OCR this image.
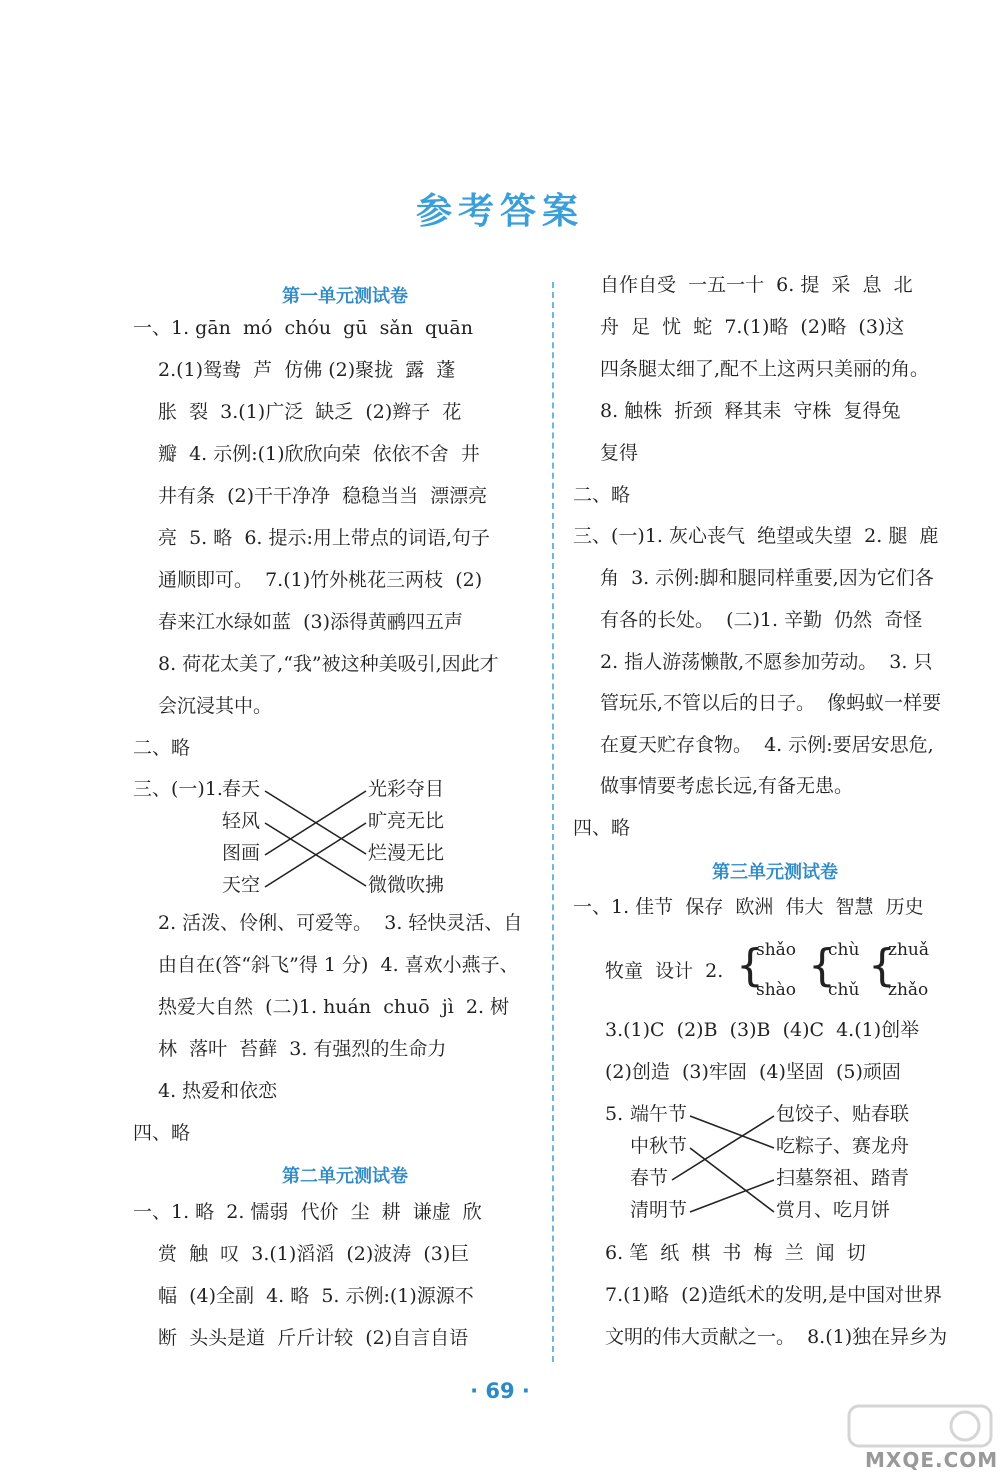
参考答案
第一单元测试卷
一、1. gān  mó  chóu  gū  sǎn  quān
2.(1)鸳鸯  芦  仿佛 (2)聚拢  露  蓬
胀  裂  3.(1)广泛  缺乏  (2)辫子  花
瓣  4. 示例:(1)欣欣向荣  依依不舍  井
井有条  (2)干干净净  稳稳当当  漂漂亮
亮  5. 略  6. 提示:用上带点的词语,句子
通顺即可。  7.(1)竹外桃花三两枝  (2)
春来江水绿如蓝  (3)添得黄鹂四五声
8. 荷花太美了,“我”被这种美吸引,因此才
会沉浸其中。
二、略
三、(一)1. 春天
轻风
图画
天空
光彩夺目
旷亮无比
烂漫无比
微微吹拂
2. 活泼、伶俐、可爱等。  3. 轻快灵活、自
由自在(答“斜飞”得 1 分)  4. 喜欢小燕子、
热爱大自然  (二)1. huán  chuō  jì  2. 树
林  落叶  苔藓  3. 有强烈的生命力
4. 热爱和依恋
四、略
第二单元测试卷
一、1. 略  2. 懦弱  代价  尘  耕  谦虚  欣
赏  触  叹  3.(1)滔滔  (2)波涛  (3)巨
幅  (4)全副  4. 略  5. 示例:(1)源源不
断  头头是道  斤斤计较  (2)自言自语
自作自受  一五一十  6. 提  采  息  北
舟  足  忧  蛇  7.(1)略  (2)略  (3)这
四条腿太细了,配不上这两只美丽的角。
8. 触株  折颈  释其耒  守株  复得兔
复得
二、略
三、(一)1. 灰心丧气  绝望或失望  2. 腿  鹿
角  3. 示例:脚和腿同样重要,因为它们各
有各的长处。  (二)1. 辛勤  仍然  奇怪
2. 指人游荡懒散,不愿参加劳动。  3. 只
管玩乐,不管以后的日子。  像蚂蚁一样要
在夏天贮存食物。  4. 示例:要居安思危,
做事情要考虑长远,有备无患。
四、略
第三单元测试卷
一、1. 佳节  保存  欧洲  伟大  智慧  历史
牧童  设计  2. {
shǎo
shào {
chù
chǔ {
zhuǎ
zhǎo
3.(1)C  (2)B  (3)B  (4)C  4.(1)创举
(2)创造  (3)牢固  (4)坚固  (5)顽固
5. 端午节
中秋节
春节
清明节
包饺子、贴春联
吃粽子、赛龙舟
扫墓祭祖、踏青
赏月、吃月饼
6. 笔  纸  棋  书  梅  兰  闻  切
7.(1)略  (2)造纸术的发明,是中国对世界
文明的伟大贡献之一。  8.(1)独在异乡为
· 69 ·
MXQE.COM
